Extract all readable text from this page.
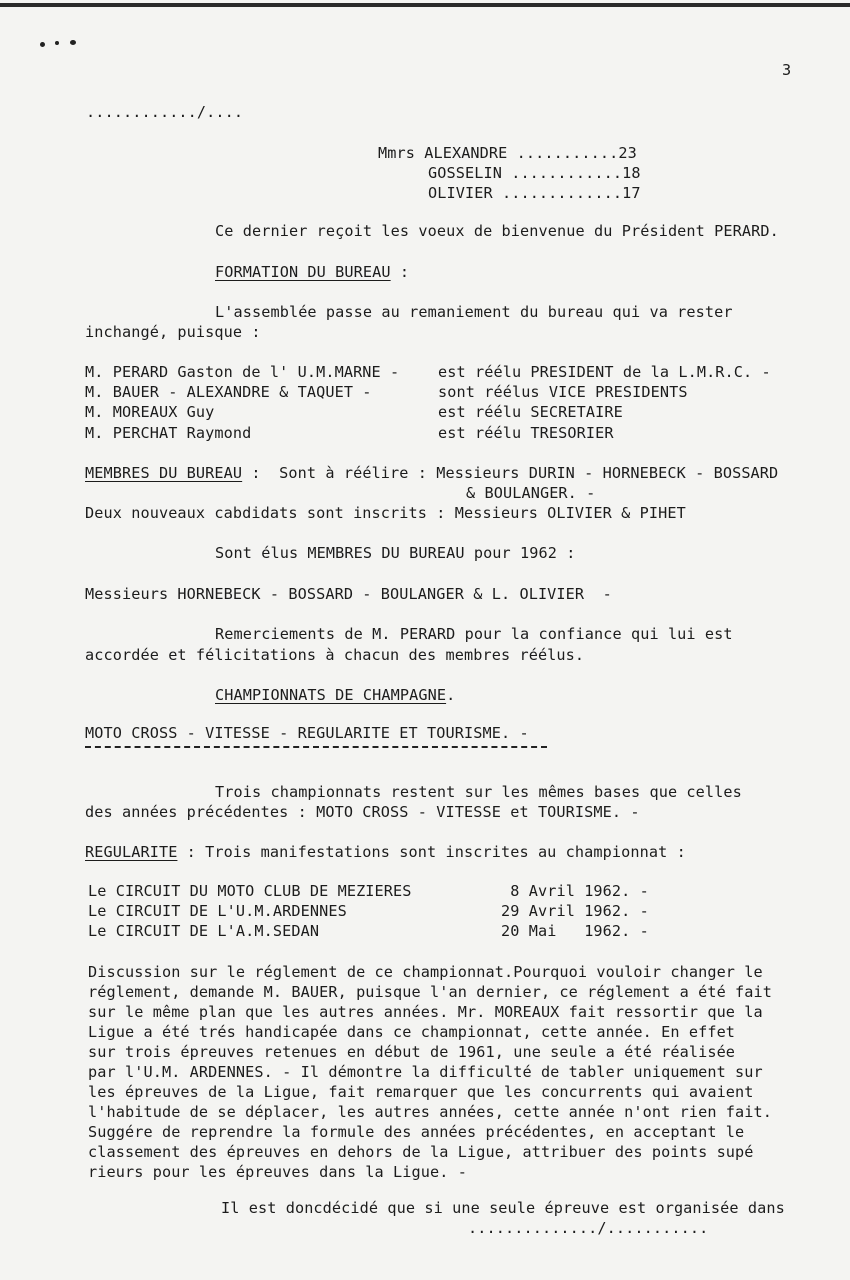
3
............/....
Mmrs ALEXANDRE ...........23
GOSSELIN ............18
OLIVIER .............17
Ce dernier reçoit les voeux de bienvenue du Président PERARD.
FORMATION DU BUREAU :
L'assemblée passe au remaniement du bureau qui va rester
inchangé, puisque :
M. PERARD Gaston de l' U.M.MARNE -	est réélu PRESIDENT de la L.M.R.C. -
M. BAUER - ALEXANDRE & TAQUET -	sont réélus VICE PRESIDENTS
M. MOREAUX Guy	est réélu SECRETAIRE
M. PERCHAT Raymond	est réélu TRESORIER
MEMBRES DU BUREAU :  Sont à réélire : Messieurs DURIN - HORNEBECK - BOSSARD
& BOULANGER. -
Deux nouveaux cabdidats sont inscrits : Messieurs OLIVIER & PIHET
Sont élus MEMBRES DU BUREAU pour 1962 :
Messieurs HORNEBECK - BOSSARD - BOULANGER & L. OLIVIER  -
Remerciements de M. PERARD pour la confiance qui lui est
accordée et félicitations à chacun des membres réélus.
CHAMPIONNATS DE CHAMPAGNE.
MOTO CROSS - VITESSE - REGULARITE ET TOURISME. -
Trois championnats restent sur les mêmes bases que celles
des années précédentes : MOTO CROSS - VITESSE et TOURISME. -
REGULARITE : Trois manifestations sont inscrites au championnat :
Le CIRCUIT DU MOTO CLUB DE MEZIERES	8 Avril 1962. -
Le CIRCUIT DE L'U.M.ARDENNES	29 Avril 1962. -
Le CIRCUIT DE L'A.M.SEDAN	20 Mai   1962. -
Discussion sur le réglement de ce championnat.Pourquoi vouloir changer le
réglement, demande M. BAUER, puisque l'an dernier, ce réglement a été fait
sur le même plan que les autres années. Mr. MOREAUX fait ressortir que la
Ligue a été trés handicapée dans ce championnat, cette année. En effet
sur trois épreuves retenues en début de 1961, une seule a été réalisée
par l'U.M. ARDENNES. - Il démontre la difficulté de tabler uniquement sur
les épreuves de la Ligue, fait remarquer que les concurrents qui avaient
l'habitude de se déplacer, les autres années, cette année n'ont rien fait.
Suggére de reprendre la formule des années précédentes, en acceptant le
classement des épreuves en dehors de la Ligue, attribuer des points supé
rieurs pour les épreuves dans la Ligue. -
Il est doncdécidé que si une seule épreuve est organisée dans
............../...........
